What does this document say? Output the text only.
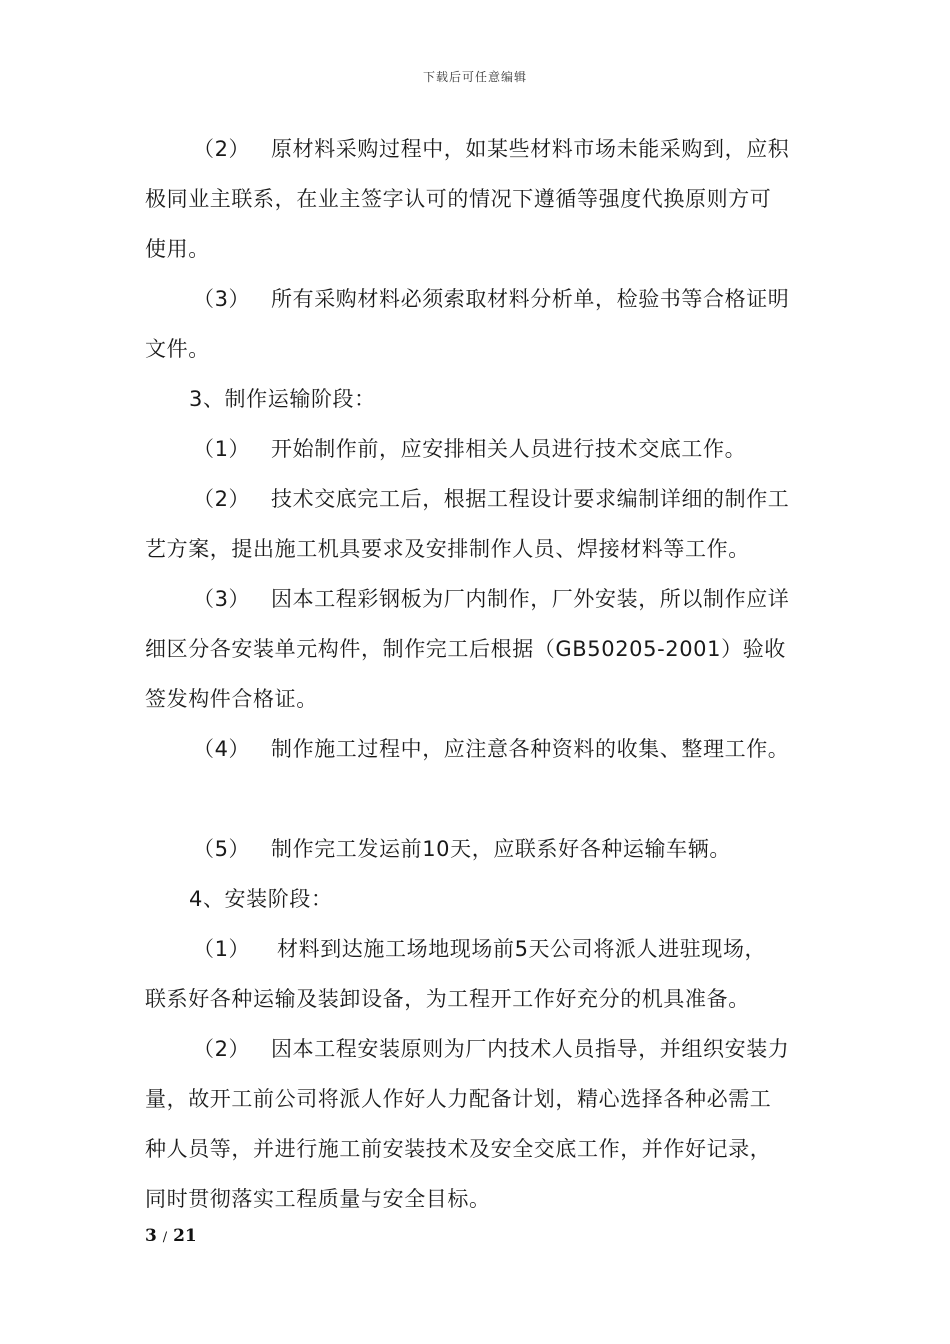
下载后可任意编辑
（2） 原材料采购过程中，如某些材料市场未能采购到，应积
极同业主联系，在业主签字认可的情况下遵循等强度代换原则方可
使用。
（3） 所有采购材料必须索取材料分析单，检验书等合格证明
文件。
3、制作运输阶段：
（1） 开始制作前，应安排相关人员进行技术交底工作。
（2） 技术交底完工后，根据工程设计要求编制详细的制作工
艺方案，提出施工机具要求及安排制作人员、焊接材料等工作。
（3） 因本工程彩钢板为厂内制作，厂外安装，所以制作应详
细区分各安装单元构件，制作完工后根据（GB50205-2001）验收
签发构件合格证。
（4） 制作施工过程中，应注意各种资料的收集、整理工作。
（5） 制作完工发运前10天，应联系好各种运输车辆。
4、安装阶段：
（1） 材料到达施工场地现场前5天公司将派人进驻现场，
联系好各种运输及装卸设备，为工程开工作好充分的机具准备。
（2） 因本工程安装原则为厂内技术人员指导，并组织安装力
量，故开工前公司将派人作好人力配备计划，精心选择各种必需工
种人员等，并进行施工前安装技术及安全交底工作，并作好记录，
同时贯彻落实工程质量与安全目标。
3 / 21
